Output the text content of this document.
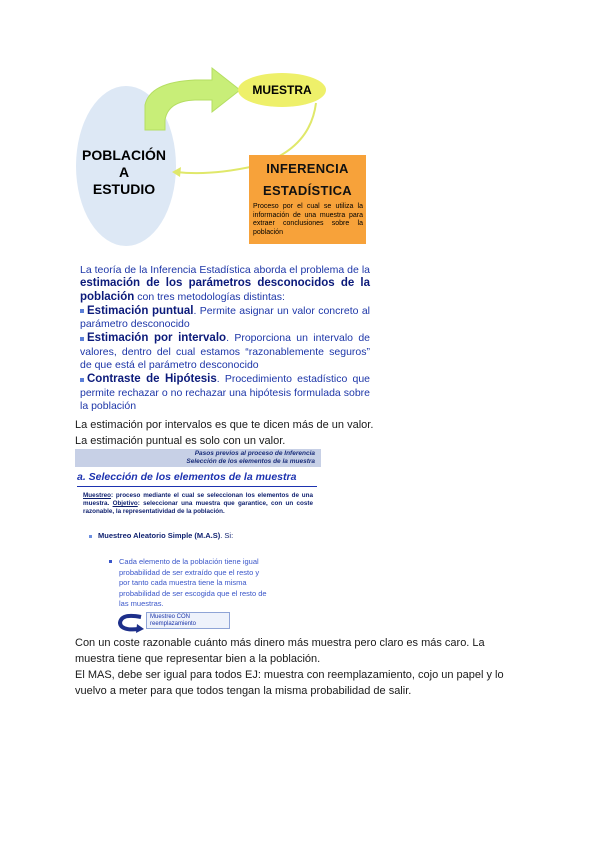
MUESTRA
POBLACIÓN
A
ESTUDIO
INFERENCIA
ESTADÍSTICA
Proceso por el cual se utiliza la información de una muestra para extraer conclusiones sobre la población

La teoría de la Inferencia Estadística aborda el problema de la estimación de los parámetros desconocidos de la población con tres metodologías distintas:

Estimación puntual. Permite asignar un valor concreto al parámetro desconocido

Estimación por intervalo. Proporciona un intervalo de valores, dentro del cual estamos “razonablemente seguros” de que está el parámetro desconocido

Contraste de Hipótesis. Procedimiento estadístico que permite rechazar o no rechazar una hipótesis formulada sobre la población

La estimación por intervalos es que te dicen más de un valor.
La estimación puntual es solo con un valor.
Pasos previos al proceso de Inferencia
Selección de los elementos de la muestra
a. Selección de los elementos de la muestra
Muestreo: proceso mediante el cual se seleccionan los elementos de una muestra. Objetivo: seleccionar una muestra que garantice, con un coste razonable, la representatividad de la población.
Muestreo Aleatorio Simple (M.A.S). Si:
Cada elemento de la población tiene igual probabilidad de ser extraído que el resto y por tanto cada muestra tiene la misma probabilidad de ser escogida que el resto de las muestras.
Muestreo CON
reemplazamiento
Con un coste razonable cuánto más dinero más muestra pero claro es más caro. La
muestra tiene que representar bien a la población.
El MAS, debe ser igual para todos EJ: muestra con reemplazamiento, cojo un papel y lo
vuelvo a meter para que todos tengan la misma probabilidad de salir.
